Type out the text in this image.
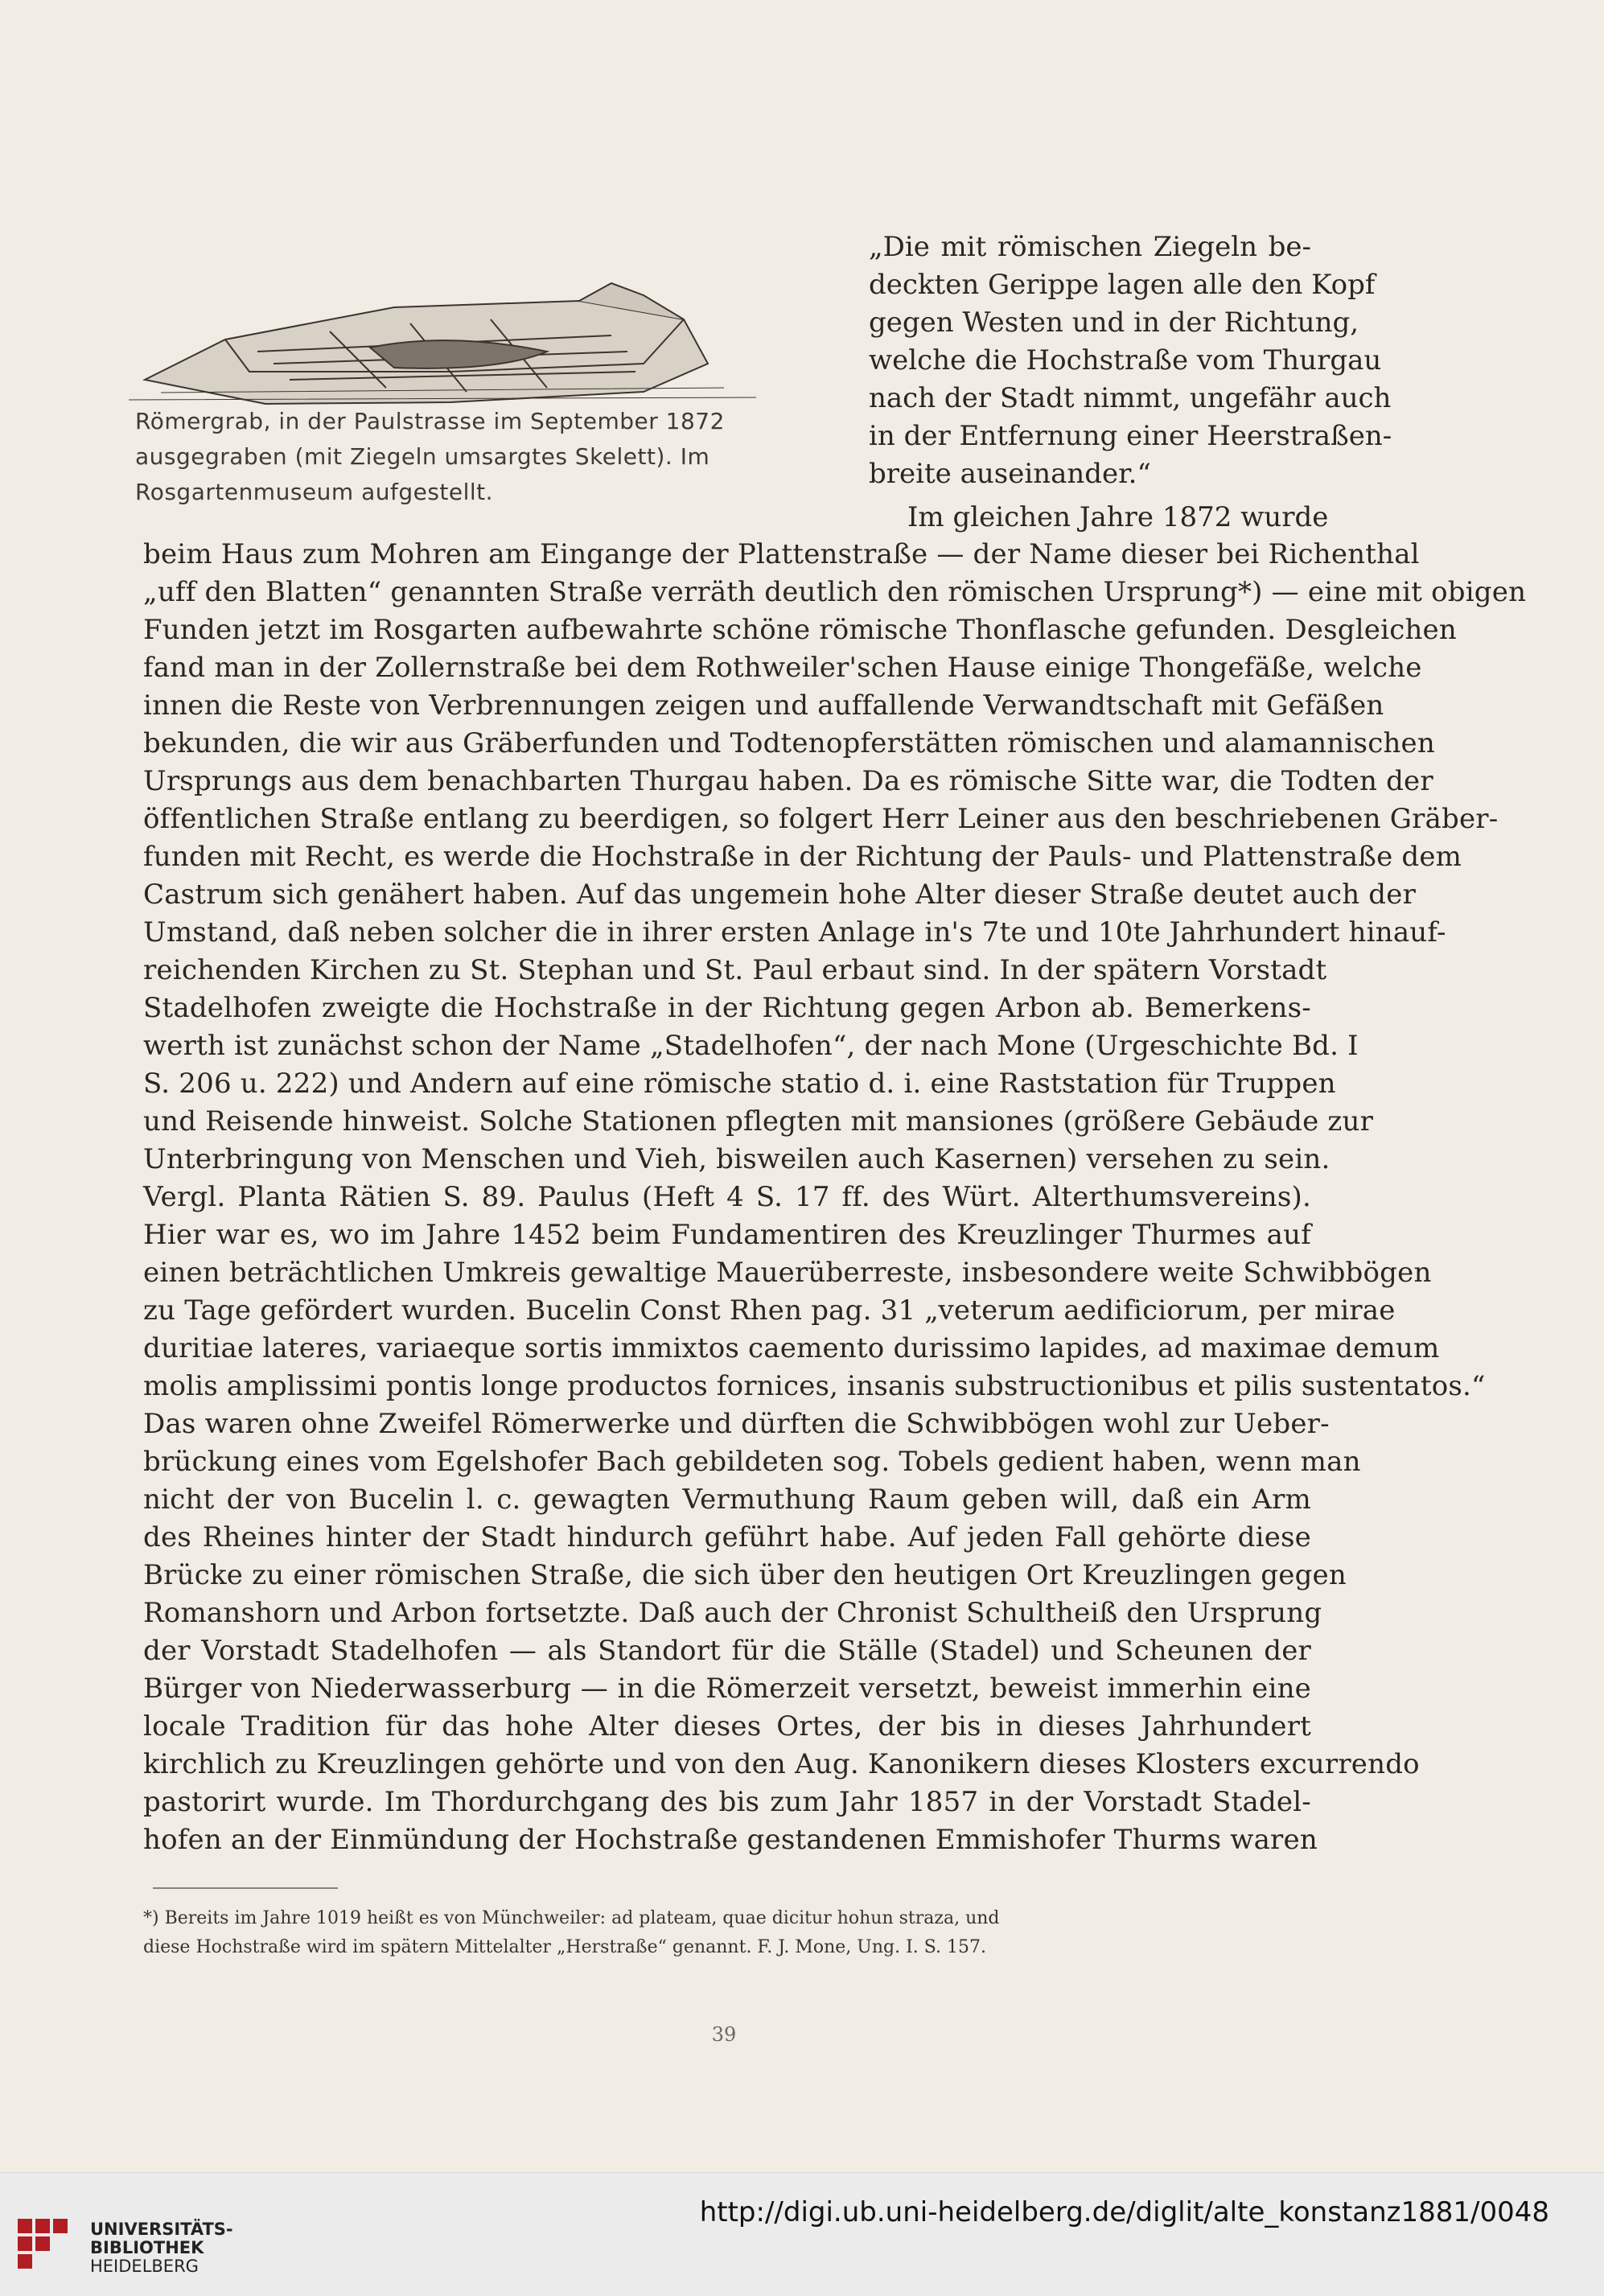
Römergrab, in der Paulstrasse im September 1872 ausgegraben (mit Ziegeln umsargtes Skelett). Im Rosgartenmuseum aufgestellt.
„Die mit römischen Ziegeln be-
deckten Gerippe lagen alle den Kopf
gegen Westen und in der Richtung,
welche die Hochstraße vom Thurgau
nach der Stadt nimmt, ungefähr auch
in der Entfernung einer Heerstraßen-
breite auseinander.“
Im gleichen Jahre 1872 wurde
beim Haus zum Mohren am Eingange der Plattenstraße — der Name dieser bei Richenthal
„uff den Blatten“ genannten Straße verräth deutlich den römischen Ursprung*) — eine mit obigen
Funden jetzt im Rosgarten aufbewahrte schöne römische Thonflasche gefunden. Desgleichen
fand man in der Zollernstraße bei dem Rothweiler'schen Hause einige Thongefäße, welche
innen die Reste von Verbrennungen zeigen und auffallende Verwandtschaft mit Gefäßen
bekunden, die wir aus Gräberfunden und Todtenopferstätten römischen und alamannischen
Ursprungs aus dem benachbarten Thurgau haben. Da es römische Sitte war, die Todten der
öffentlichen Straße entlang zu beerdigen, so folgert Herr Leiner aus den beschriebenen Gräber-
funden mit Recht, es werde die Hochstraße in der Richtung der Pauls- und Plattenstraße dem
Castrum sich genähert haben. Auf das ungemein hohe Alter dieser Straße deutet auch der
Umstand, daß neben solcher die in ihrer ersten Anlage in's 7te und 10te Jahrhundert hinauf-
reichenden Kirchen zu St. Stephan und St. Paul erbaut sind. In der spätern Vorstadt
Stadelhofen zweigte die Hochstraße in der Richtung gegen Arbon ab. Bemerkens-
werth ist zunächst schon der Name „Stadelhofen“, der nach Mone (Urgeschichte Bd. I
S. 206 u. 222) und Andern auf eine römische statio d. i. eine Raststation für Truppen
und Reisende hinweist. Solche Stationen pflegten mit mansiones (größere Gebäude zur
Unterbringung von Menschen und Vieh, bisweilen auch Kasernen) versehen zu sein.
Vergl. Planta Rätien S. 89. Paulus (Heft 4 S. 17 ff. des Würt. Alterthumsvereins).
Hier war es, wo im Jahre 1452 beim Fundamentiren des Kreuzlinger Thurmes auf
einen beträchtlichen Umkreis gewaltige Mauerüberreste, insbesondere weite Schwibbögen
zu Tage gefördert wurden. Bucelin Const Rhen pag. 31 „veterum aedificiorum, per mirae
duritiae lateres, variaeque sortis immixtos caemento durissimo lapides, ad maximae demum
molis amplissimi pontis longe productos fornices, insanis substructionibus et pilis sustentatos.“
Das waren ohne Zweifel Römerwerke und dürften die Schwibbögen wohl zur Ueber-
brückung eines vom Egelshofer Bach gebildeten sog. Tobels gedient haben, wenn man
nicht der von Bucelin l. c. gewagten Vermuthung Raum geben will, daß ein Arm
des Rheines hinter der Stadt hindurch geführt habe. Auf jeden Fall gehörte diese
Brücke zu einer römischen Straße, die sich über den heutigen Ort Kreuzlingen gegen
Romanshorn und Arbon fortsetzte. Daß auch der Chronist Schultheiß den Ursprung
der Vorstadt Stadelhofen — als Standort für die Ställe (Stadel) und Scheunen der
Bürger von Niederwasserburg — in die Römerzeit versetzt, beweist immerhin eine
locale Tradition für das hohe Alter dieses Ortes, der bis in dieses Jahrhundert
kirchlich zu Kreuzlingen gehörte und von den Aug. Kanonikern dieses Klosters excurrendo
pastorirt wurde. Im Thordurchgang des bis zum Jahr 1857 in der Vorstadt Stadel-
hofen an der Einmündung der Hochstraße gestandenen Emmishofer Thurms waren
*) Bereits im Jahre 1019 heißt es von Münchweiler: ad plateam, quae dicitur hohun straza, und
diese Hochstraße wird im spätern Mittelalter „Herstraße“ genannt. F. J. Mone, Ung. I. S. 157.
39
UNIVERSITÄTS-
BIBLIOTHEK
HEIDELBERG
http://digi.ub.uni-heidelberg.de/diglit/alte_konstanz1881/0048
